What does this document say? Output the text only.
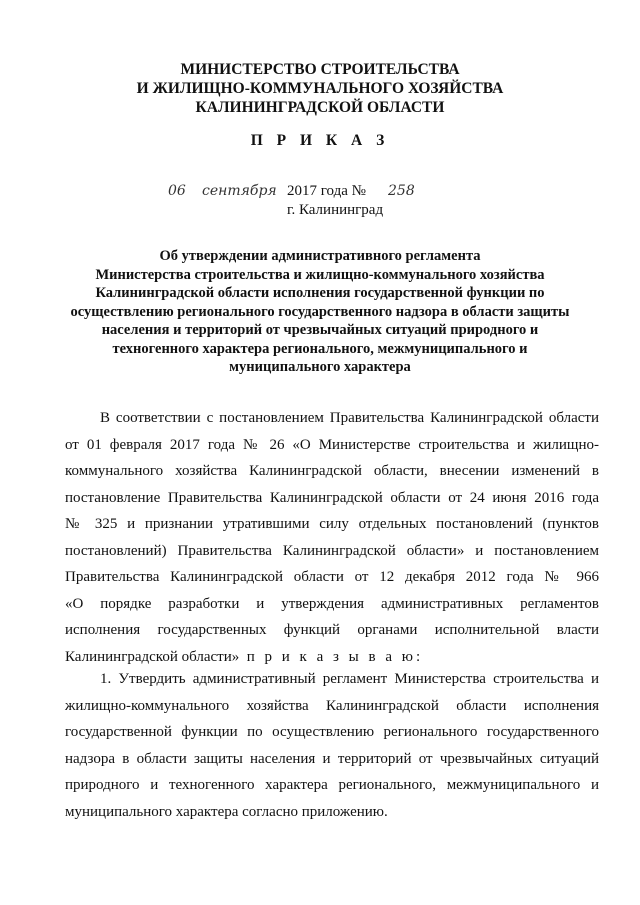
МИНИСТЕРСТВО СТРОИТЕЛЬСТВА
И ЖИЛИЩНО-КОММУНАЛЬНОГО ХОЗЯЙСТВА
КАЛИНИНГРАДСКОЙ ОБЛАСТИ
П Р И К А З
06 сентября 2017 года № 258
г. Калининград
Об утверждении административного регламента
Министерства строительства и жилищно-коммунального хозяйства
Калининградской области исполнения государственной функции по
осуществлению регионального государственного надзора в области защиты
населения и территорий от чрезвычайных ситуаций природного и
техногенного характера регионального, межмуниципального и
муниципального характера
В соответствии с постановлением Правительства Калининградской области
от 01 февраля 2017 года № 26 «О Министерстве строительства и жилищно-
коммунального хозяйства Калининградской области, внесении изменений в
постановление Правительства Калининградской области от 24 июня 2016 года
№ 325 и признании утратившими силу отдельных постановлений (пунктов
постановлений) Правительства Калининградской области» и постановлением
Правительства Калининградской области от 12 декабря 2012 года № 966
«О порядке разработки и утверждения административных регламентов
исполнения государственных функций органами исполнительной власти
Калининградской области» п р и к а з ы в а ю:
1. Утвердить административный регламент Министерства строительства и
жилищно-коммунального хозяйства Калининградской области исполнения
государственной функции по осуществлению регионального государственного
надзора в области защиты населения и территорий от чрезвычайных ситуаций
природного и техногенного характера регионального, межмуниципального и
муниципального характера согласно приложению.
